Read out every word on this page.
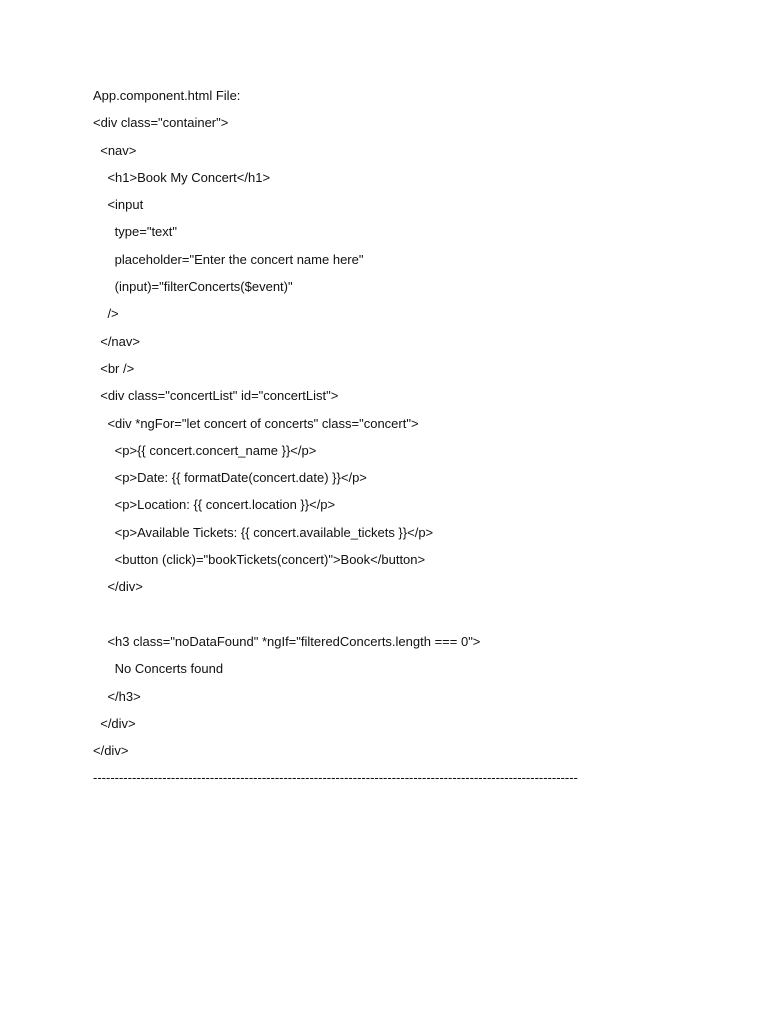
App.component.html File:
<div class="container">
<nav>
<h1>Book My Concert</h1>
<input
type="text"
placeholder="Enter the concert name here"
(input)="filterConcerts($event)"
/>
</nav>
<br />
<div class="concertList" id="concertList">
<div *ngFor="let concert of concerts" class="concert">
<p>{{ concert.concert_name }}</p>
<p>Date: {{ formatDate(concert.date) }}</p>
<p>Location: {{ concert.location }}</p>
<p>Available Tickets: {{ concert.available_tickets }}</p>
<button (click)="bookTickets(concert)">Book</button>
</div>
<h3 class="noDataFound" *ngIf="filteredConcerts.length === 0">
No Concerts found
</h3>
</div>
</div>
----------------------------------------------------------------------------------------------------------------
